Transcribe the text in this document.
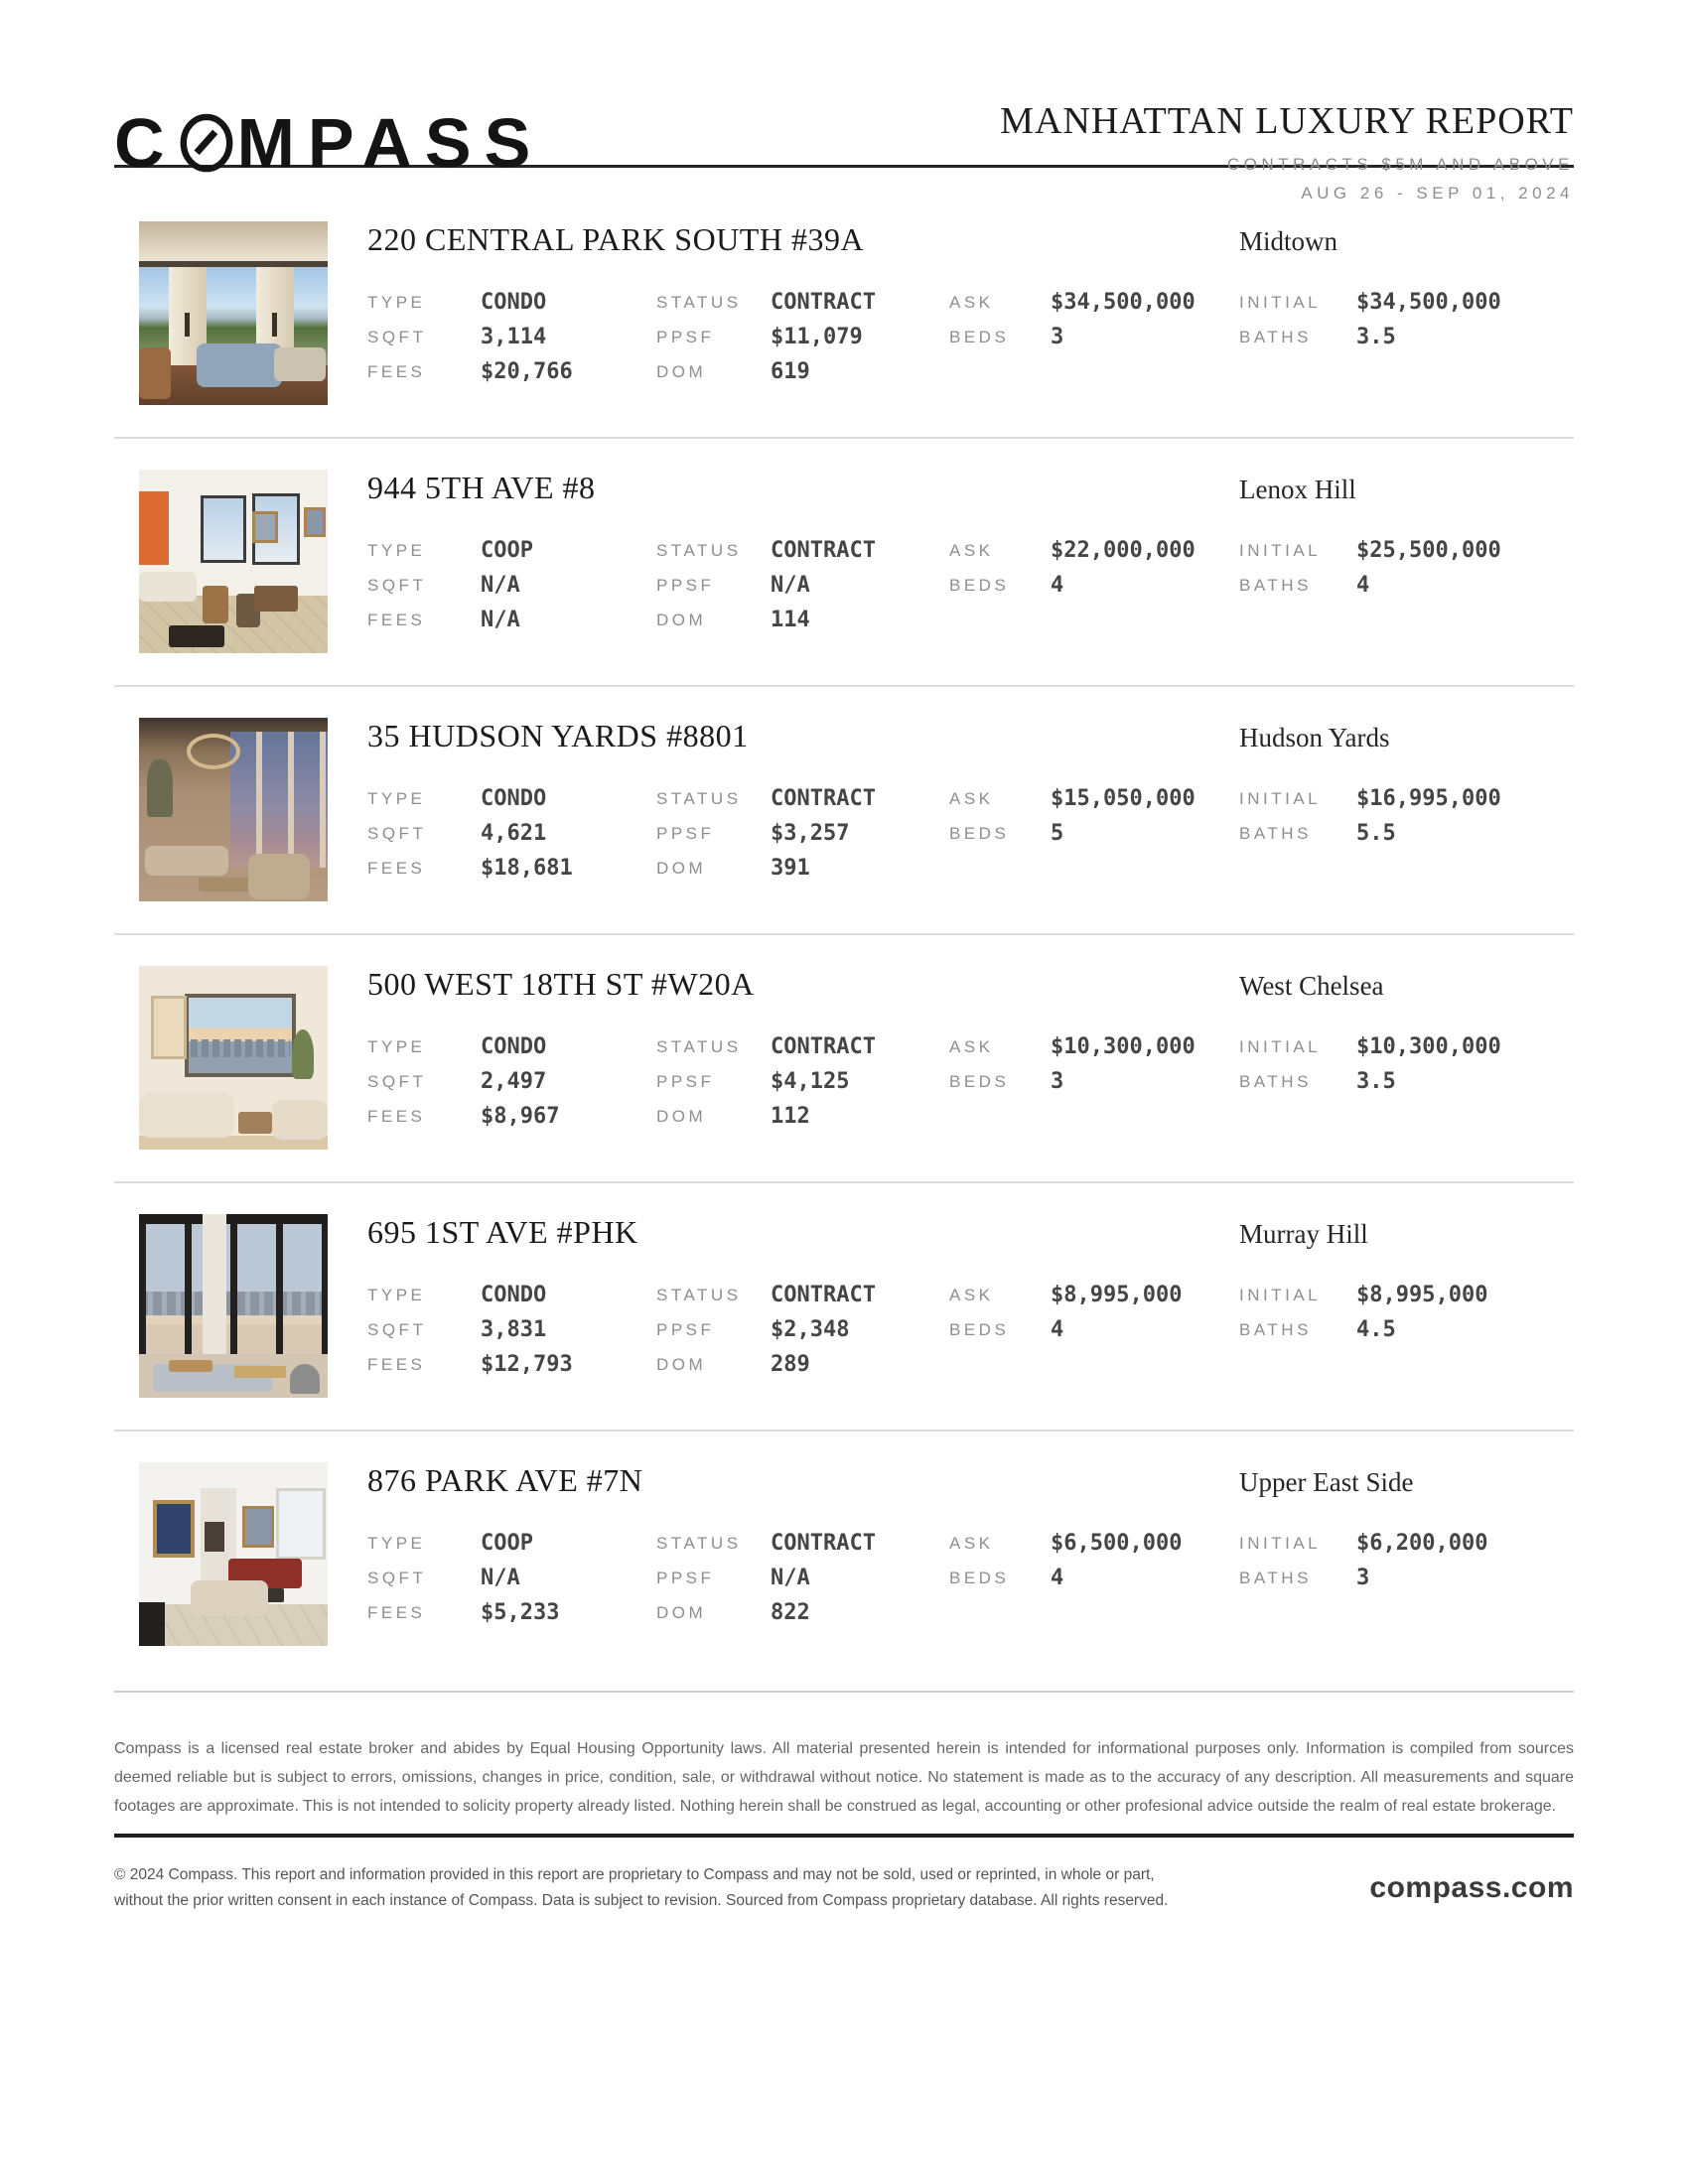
C MPASS	MANHATTAN LUXURY REPORT
CONTRACTS $5M AND ABOVE
AUG 26 - SEP 01, 2024
220 CENTRAL PARK SOUTH #39A	Midtown
TYPE	CONDO	STATUS	CONTRACT	ASK	$34,500,000	INITIAL	$34,500,000
SQFT	3,114	PPSF	$11,079	BEDS	3	BATHS	3.5
FEES	$20,766	DOM	619
944 5TH AVE #8	Lenox Hill
TYPE	COOP	STATUS	CONTRACT	ASK	$22,000,000	INITIAL	$25,500,000
SQFT	N/A	PPSF	N/A	BEDS	4	BATHS	4
FEES	N/A	DOM	114
35 HUDSON YARDS #8801	Hudson Yards
TYPE	CONDO	STATUS	CONTRACT	ASK	$15,050,000	INITIAL	$16,995,000
SQFT	4,621	PPSF	$3,257	BEDS	5	BATHS	5.5
FEES	$18,681	DOM	391
500 WEST 18TH ST #W20A	West Chelsea
TYPE	CONDO	STATUS	CONTRACT	ASK	$10,300,000	INITIAL	$10,300,000
SQFT	2,497	PPSF	$4,125	BEDS	3	BATHS	3.5
FEES	$8,967	DOM	112
695 1ST AVE #PHK	Murray Hill
TYPE	CONDO	STATUS	CONTRACT	ASK	$8,995,000	INITIAL	$8,995,000
SQFT	3,831	PPSF	$2,348	BEDS	4	BATHS	4.5
FEES	$12,793	DOM	289
876 PARK AVE #7N	Upper East Side
TYPE	COOP	STATUS	CONTRACT	ASK	$6,500,000	INITIAL	$6,200,000
SQFT	N/A	PPSF	N/A	BEDS	4	BATHS	3
FEES	$5,233	DOM	822
Compass is a licensed real estate broker and abides by Equal Housing Opportunity laws. All material presented herein is intended for informational purposes only. Information is compiled from sources deemed reliable but is subject to errors, omissions, changes in price, condition, sale, or withdrawal without notice. No statement is made as to the accuracy of any description. All measurements and square footages are approximate. This is not intended to solicity property already listed. Nothing herein shall be construed as legal, accounting or other profesional advice outside the realm of real estate brokerage.
© 2024 Compass. This report and information provided in this report are proprietary to Compass and may not be sold, used or reprinted, in whole or part,
without the prior written consent in each instance of Compass. Data is subject to revision. Sourced from Compass proprietary database. All rights reserved.	compass.com
